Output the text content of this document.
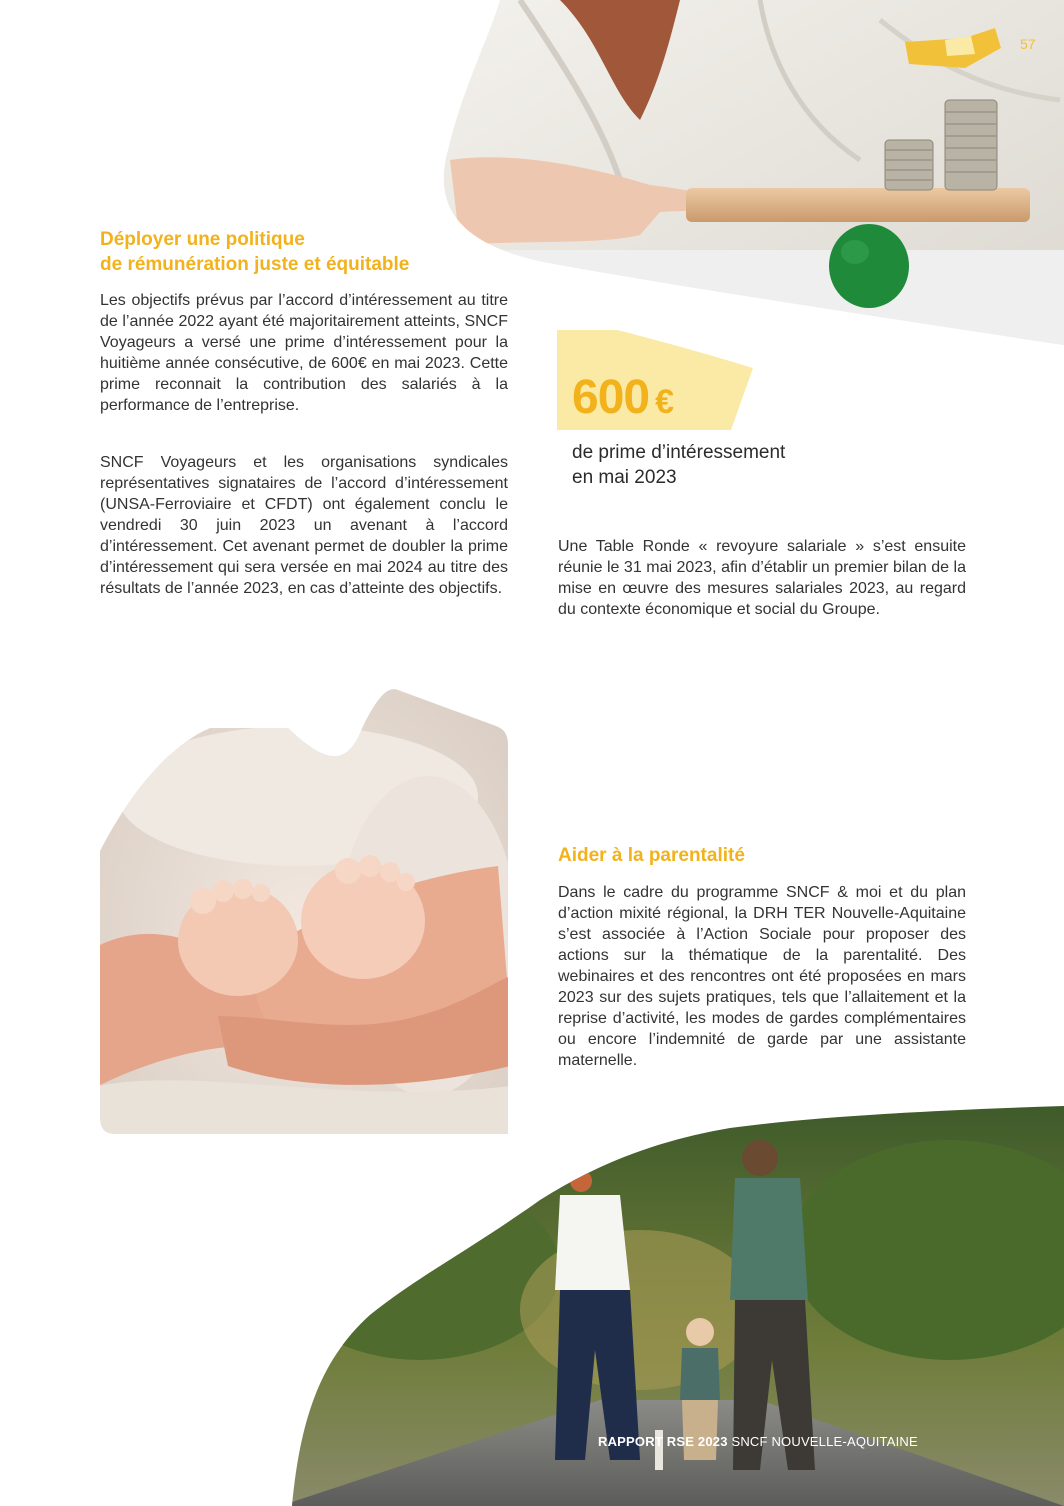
57
Déployer une politique
de rémunération juste et équitable

Les objectifs prévus par l’accord d’intéressement au titre de l’année 2022 ayant été majoritairement atteints, SNCF Voyageurs a versé une prime d’intéressement pour la huitième année consécutive, de 600€ en mai 2023. Cette prime reconnait la contribution des salariés à la performance de l’entreprise.

SNCF Voyageurs et les organisations syndicales représentatives signataires de l’accord d’intéressement (UNSA-Ferroviaire et CFDT) ont également conclu le vendredi 30 juin 2023 un avenant à l’accord d’intéressement. Cet avenant permet de doubler la prime d’intéressement qui sera versée en mai 2024 au titre des résultats de l’année 2023, en cas d’atteinte des objectifs.

600 €
de prime d’intéressement
en mai 2023

Une Table Ronde « revoyure salariale » s’est ensuite réunie le 31 mai 2023, afin d’établir un premier bilan de la mise en œuvre des mesures salariales 2023, au regard du contexte économique et social du Groupe.

Aider à la parentalité

Dans le cadre du programme SNCF & moi et du plan d’action mixité régional, la DRH TER Nouvelle-Aquitaine s’est associée à l’Action Sociale pour proposer des actions sur la thématique de la parentalité. Des webinaires et des rencontres ont été proposées en mars 2023 sur des sujets pratiques, tels que l’allaitement et la reprise d’activité, les modes de gardes complémentaires ou encore l’indemnité de garde par une assistante maternelle.

RAPPORT RSE 2023 SNCF NOUVELLE-AQUITAINE
